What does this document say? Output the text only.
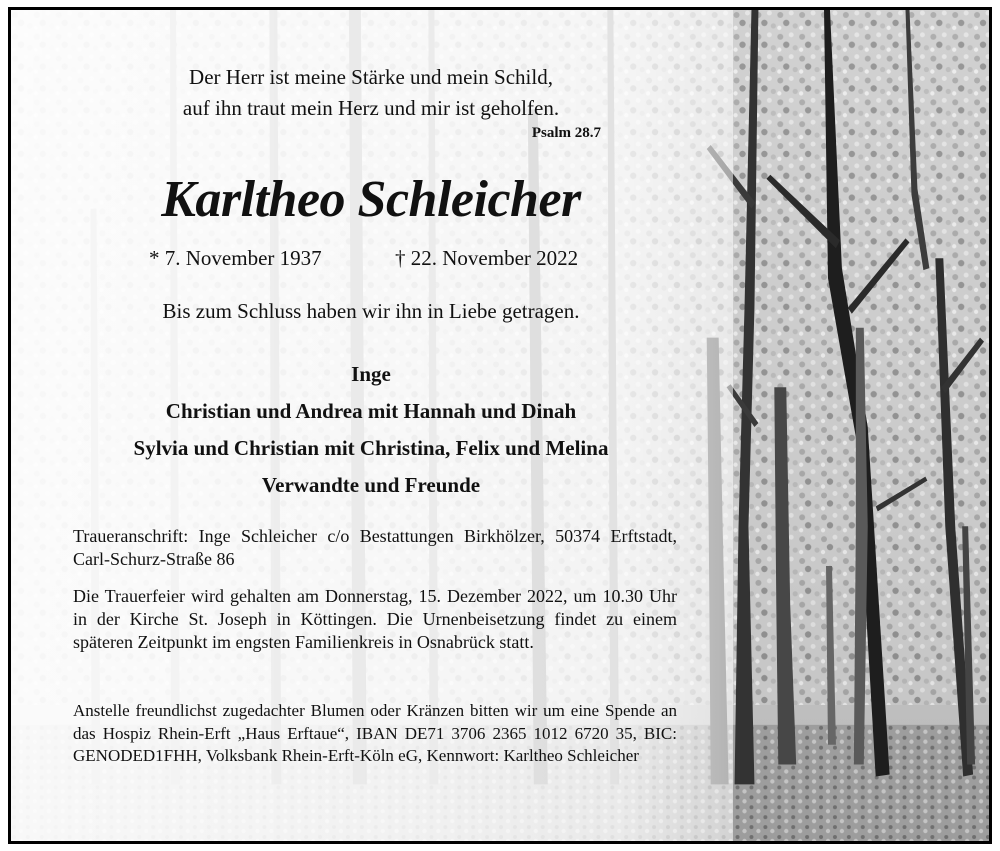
Der Herr ist meine Stärke und mein Schild,
auf ihn traut mein Herz und mir ist geholfen.
Psalm 28.7
Karltheo Schleicher
* 7. November 1937	† 22. November 2022
Bis zum Schluss haben wir ihn in Liebe getragen.
Inge
Christian und Andrea mit Hannah und Dinah
Sylvia und Christian mit Christina, Felix und Melina
Verwandte und Freunde
Traueranschrift: Inge Schleicher c/o Bestattungen Birkhölzer, 50374 Erftstadt, Carl-Schurz-Straße 86
Die Trauerfeier wird gehalten am Donnerstag, 15. Dezember 2022, um 10.30 Uhr in der Kirche St. Joseph in Köttingen. Die Urnenbeisetzung findet zu einem späteren Zeitpunkt im engsten Familienkreis in Osnabrück statt.
Anstelle freundlichst zugedachter Blumen oder Kränzen bitten wir um eine Spende an das Hospiz Rhein-Erft „Haus Erftaue“, IBAN DE71 3706 2365 1012 6720 35, BIC: GENODED1FHH, Volksbank Rhein-Erft-Köln eG, Kennwort: Karltheo Schleicher
